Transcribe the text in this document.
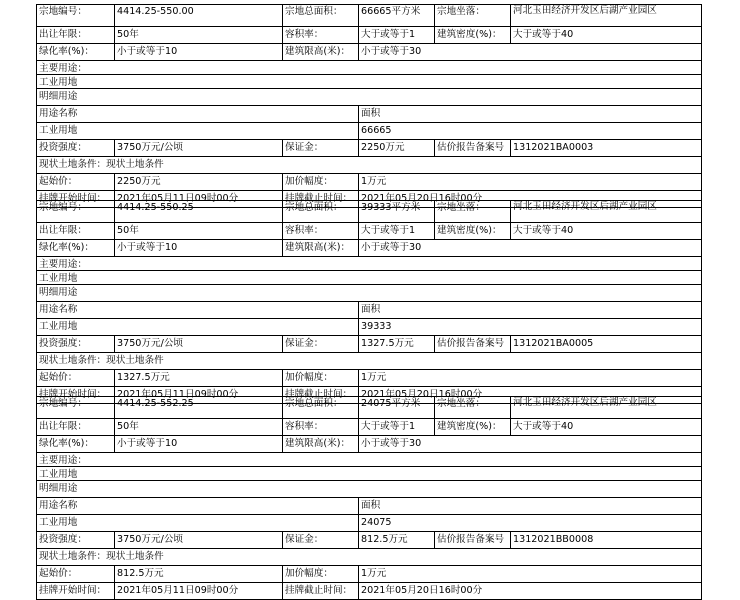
宗地编号：	4414.25-550.00	宗地总面积：	66665平方米	宗地坐落：	河北玉田经济开发区后湖产业园区
出让年限：	50年	容积率：	大于或等于1	建筑密度(%)：	大于或等于40
绿化率(%)：	小于或等于10	建筑限高(米)：	小于或等于30
主要用途：
工业用地
明细用途
用途名称	面积
工业用地	66665
投资强度：	3750万元/公顷	保证金：	2250万元	估价报告备案号 1312021BA0003
现状土地条件：现状土地条件
起始价：	2250万元	加价幅度：	1万元
挂牌开始时间：	2021年05月11日09时00分	挂牌截止时间： 2021年05月20日16时00分
宗地编号：	4414.25-550.25	宗地总面积：	39333平方米	宗地坐落：	河北玉田经济开发区后湖产业园区
出让年限：	50年	容积率：	大于或等于1	建筑密度(%)：	大于或等于40
绿化率(%)：	小于或等于10	建筑限高(米)：	小于或等于30
主要用途：
工业用地
明细用途
用途名称	面积
工业用地	39333
投资强度：	3750万元/公顷	保证金：	1327.5万元	估价报告备案号 1312021BA0005
现状土地条件：现状土地条件
起始价：	1327.5万元	加价幅度：	1万元
挂牌开始时间：	2021年05月11日09时00分	挂牌截止时间： 2021年05月20日16时00分
宗地编号：	4414.25-552.25	宗地总面积：	24075平方米	宗地坐落：	河北玉田经济开发区后湖产业园区
出让年限：	50年	容积率：	大于或等于1	建筑密度(%)：	大于或等于40
绿化率(%)：	小于或等于10	建筑限高(米)：	小于或等于30
主要用途：
工业用地
明细用途
用途名称	面积
工业用地	24075
投资强度：	3750万元/公顷	保证金：	812.5万元	估价报告备案号 1312021BB0008
现状土地条件：现状土地条件
起始价：	812.5万元	加价幅度：	1万元
挂牌开始时间：	2021年05月11日09时00分	挂牌截止时间： 2021年05月20日16时00分
